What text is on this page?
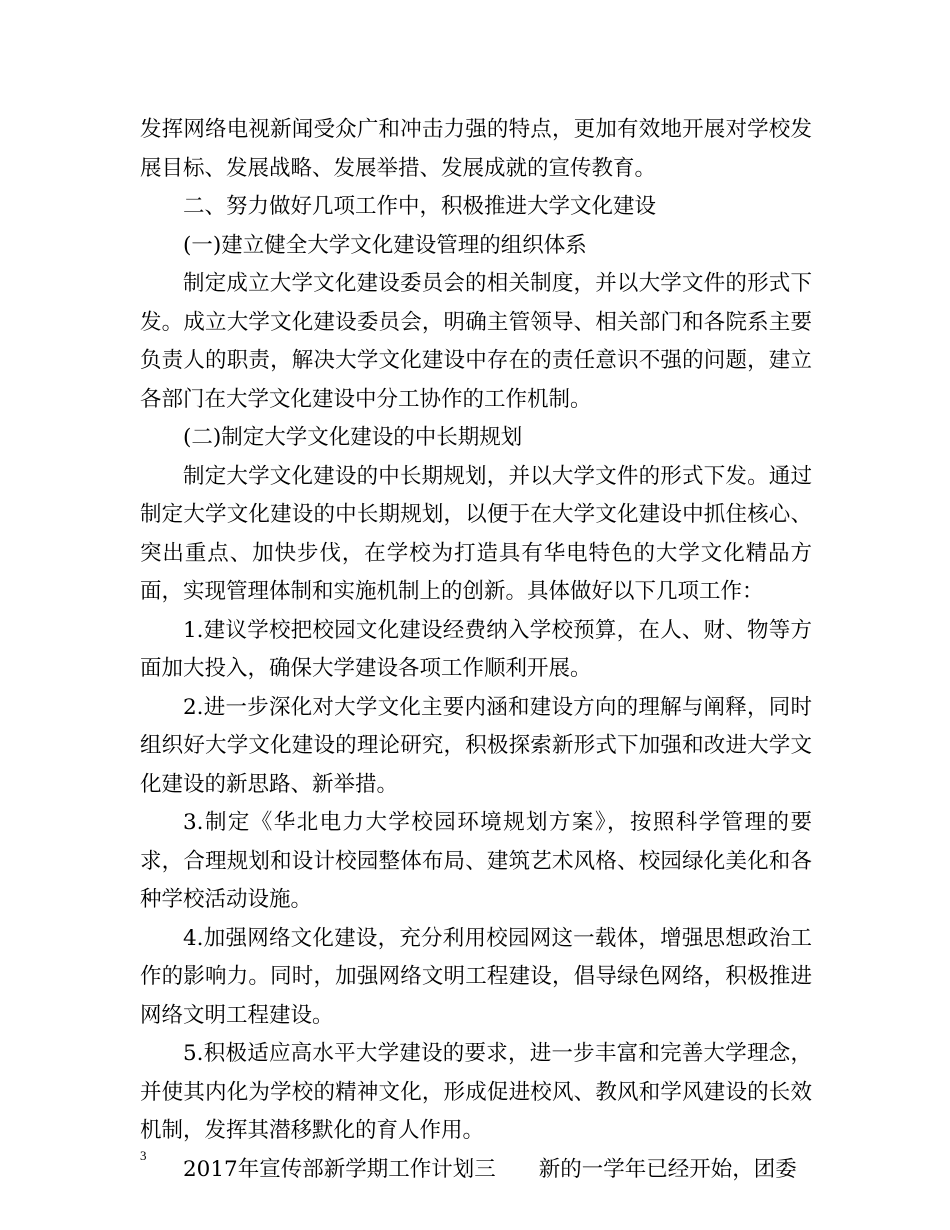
发挥网络电视新闻受众广和冲击力强的特点，更加有效地开展对学校发展目标、发展战略、发展举措、发展成就的宣传教育。

二、努力做好几项工作中，积极推进大学文化建设

(一)建立健全大学文化建设管理的组织体系

制定成立大学文化建设委员会的相关制度，并以大学文件的形式下发。成立大学文化建设委员会，明确主管领导、相关部门和各院系主要负责人的职责，解决大学文化建设中存在的责任意识不强的问题，建立各部门在大学文化建设中分工协作的工作机制。

(二)制定大学文化建设的中长期规划

制定大学文化建设的中长期规划，并以大学文件的形式下发。通过制定大学文化建设的中长期规划，以便于在大学文化建设中抓住核心、突出重点、加快步伐，在学校为打造具有华电特色的大学文化精品方面，实现管理体制和实施机制上的创新。具体做好以下几项工作：

1.建议学校把校园文化建设经费纳入学校预算，在人、财、物等方面加大投入，确保大学建设各项工作顺利开展。

2.进一步深化对大学文化主要内涵和建设方向的理解与阐释，同时组织好大学文化建设的理论研究，积极探索新形式下加强和改进大学文化建设的新思路、新举措。

3.制定《华北电力大学校园环境规划方案》，按照科学管理的要求，合理规划和设计校园整体布局、建筑艺术风格、校园绿化美化和各种学校活动设施。

4.加强网络文化建设，充分利用校园网这一载体，增强思想政治工作的影响力。同时，加强网络文明工程建设，倡导绿色网络，积极推进网络文明工程建设。

5.积极适应高水平大学建设的要求，进一步丰富和完善大学理念，并使其内化为学校的精神文化，形成促进校风、教风和学风建设的长效机制，发挥其潜移默化的育人作用。

2017年宣传部新学期工作计划三　　新的一学年已经开始，团委

3
